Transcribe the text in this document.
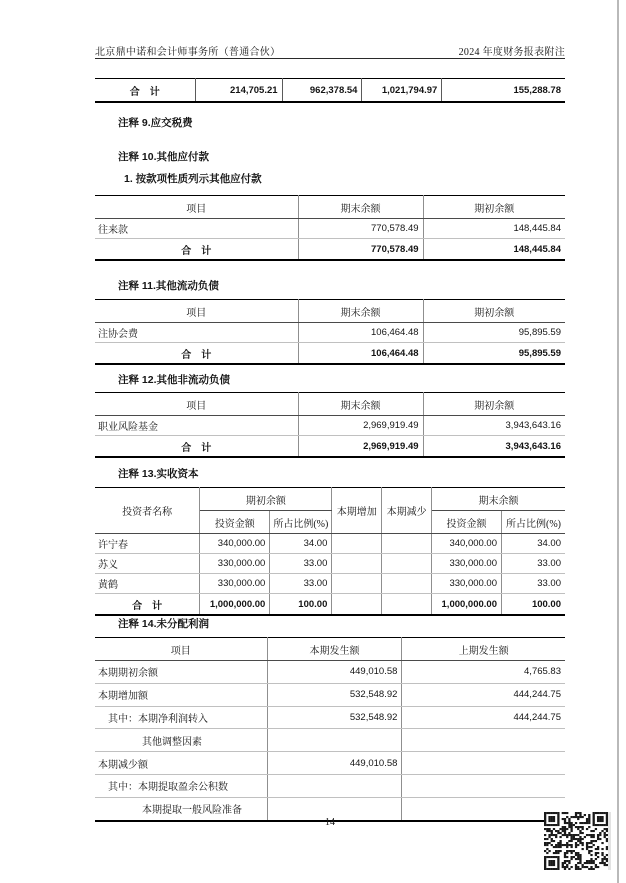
北京鼎中诺和会计师事务所（普通合伙）	2024 年度财务报表附注
合　计	214,705.21	962,378.54	1,021,794.97	155,288.78
注释 9.应交税费
注释 10.其他应付款
1. 按款项性质列示其他应付款
项目	期末余额	期初余额
往来款	770,578.49	148,445.84
合　计	770,578.49	148,445.84
注释 11.其他流动负债
项目	期末余额	期初余额
注协会费	106,464.48	95,895.59
合　计	106,464.48	95,895.59
注释 12.其他非流动负债
项目	期末余额	期初余额
职业风险基金	2,969,919.49	3,943,643.16
合　计	2,969,919.49	3,943,643.16
注释 13.实收资本
投资者名称	期初余额		本期增加	本期减少	期末余额	
	投资金额	所占比例(%)			投资金额	所占比例(%)
许宁春	340,000.00	34.00			340,000.00	34.00
苏义	330,000.00	33.00			330,000.00	33.00
黄鹤	330,000.00	33.00			330,000.00	33.00
合　计	1,000,000.00	100.00			1,000,000.00	100.00
注释 14.未分配利润
项目	本期发生额	上期发生额
本期期初余额	449,010.58	4,765.83
本期增加额	532,548.92	444,244.75
其中：本期净利润转入	532,548.92	444,244.75
其他调整因素		
本期减少额	449,010.58	
其中：本期提取盈余公积数		
本期提取一般风险准备		
14
